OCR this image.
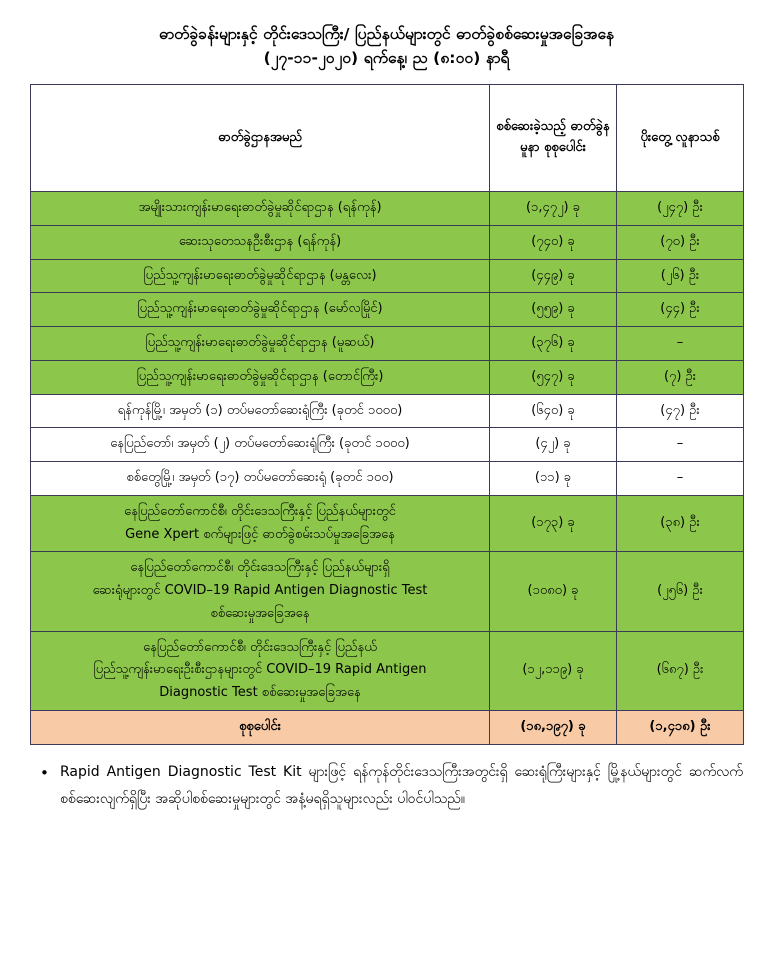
ဓာတ်ခွဲခန်းများနှင့် တိုင်းဒေသကြီး/ ပြည်နယ်များတွင် ဓာတ်ခွဲစစ်ဆေးမှုအခြေအနေ
(၂၇-၁၁-၂၀၂၀) ရက်နေ့၊ ည (၈:၀၀) နာရီ
ဓာတ်ခွဲဌာနအမည်	စစ်ဆေးခဲ့သည့် ဓာတ်ခွဲနမူနာ စုစုပေါင်း	ပိုးတွေ့ လူနာသစ်

အမျိုးသားကျန်းမာရေးဓာတ်ခွဲမှုဆိုင်ရာဌာန (ရန်ကုန်)	(၁,၄၇၂) ခု	(၂၄၇) ဦး

ဆေးသုတေသနဦးစီးဌာန (ရန်ကုန်)	(၇၄၀) ခု	(၇၀) ဦး

ပြည်သူ့ကျန်းမာရေးဓာတ်ခွဲမှုဆိုင်ရာဌာန (မန္တလေး)	(၄၄၉) ခု	(၂၆) ဦး

ပြည်သူ့ကျန်းမာရေးဓာတ်ခွဲမှုဆိုင်ရာဌာန (မော်လမြိုင်)	(၅၅၉) ခု	(၄၄) ဦး

ပြည်သူ့ကျန်းမာရေးဓာတ်ခွဲမှုဆိုင်ရာဌာန (မူဆယ်)	(၃၇၆) ခု	–

ပြည်သူ့ကျန်းမာရေးဓာတ်ခွဲမှုဆိုင်ရာဌာန (တောင်ကြီး)	(၅၄၇) ခု	(၇) ဦး

ရန်ကုန်မြို့၊ အမှတ် (၁) တပ်မတော်ဆေးရုံကြီး (ခုတင် ၁၀၀၀)	(၆၄၀) ခု	(၄၇) ဦး

နေပြည်တော်၊ အမှတ် (၂) တပ်မတော်ဆေးရုံကြီး (ခုတင် ၁၀၀၀)	(၄၂) ခု	–

စစ်တွေမြို့၊ အမှတ် (၁၇) တပ်မတော်ဆေးရုံ (ခုတင် ၁၀၀)	(၁၁) ခု	–

နေပြည်တော်ကောင်စီ၊ တိုင်းဒေသကြီးနှင့် ပြည်နယ်များတွင်
Gene Xpert စက်များဖြင့် ဓာတ်ခွဲစမ်းသပ်မှုအခြေအနေ	(၁၇၃) ခု	(၃၈) ဦး

နေပြည်တော်ကောင်စီ၊ တိုင်းဒေသကြီးနှင့် ပြည်နယ်များရှိ
ဆေးရုံများတွင် COVID–19 Rapid Antigen Diagnostic Test
စစ်ဆေးမှုအခြေအနေ	(၁၀၈၀) ခု	(၂၅၆) ဦး

နေပြည်တော်ကောင်စီ၊ တိုင်းဒေသကြီးနှင့် ပြည်နယ်
ပြည်သူ့ကျန်းမာရေးဦးစီးဌာနများတွင် COVID–19 Rapid Antigen
Diagnostic Test စစ်ဆေးမှုအခြေအနေ	(၁၂,၁၁၉) ခု	(၆၈၇) ဦး

စုစုပေါင်း	(၁၈,၁၉၇) ခု	(၁,၄၁၈) ဦး
• Rapid Antigen Diagnostic Test Kit များဖြင့် ရန်ကုန်တိုင်းဒေသကြီးအတွင်းရှိ ဆေးရုံကြီးများနှင့် မြို့နယ်များတွင် ဆက်လက်စစ်ဆေးလျက်ရှိပြီး အဆိုပါစစ်ဆေးမှုများတွင် အနံ့မရရှိသူများလည်း ပါဝင်ပါသည်။
